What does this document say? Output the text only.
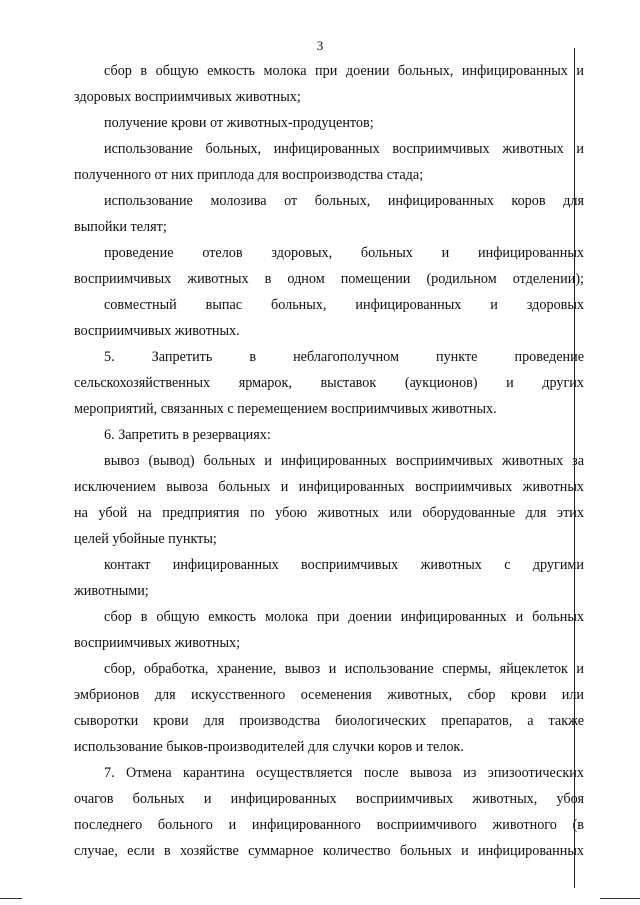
3
сбор в общую емкость молока при доении больных, инфицированных и
здоровых восприимчивых животных;
получение крови от животных-продуцентов;
использование больных, инфицированных восприимчивых животных и
полученного от них приплода для воспроизводства стада;
использование молозива от больных, инфицированных коров для
выпойки телят;
проведение отелов здоровых, больных и инфицированных
восприимчивых животных в одном помещении (родильном отделении);
совместный выпас больных, инфицированных и здоровых
восприимчивых животных.
5. Запретить в неблагополучном пункте проведение
сельскохозяйственных ярмарок, выставок (аукционов) и других
мероприятий, связанных с перемещением восприимчивых животных.
6. Запретить в резервациях:
вывоз (вывод) больных и инфицированных восприимчивых животных за
исключением вывоза больных и инфицированных восприимчивых животных
на убой на предприятия по убою животных или оборудованные для этих
целей убойные пункты;
контакт инфицированных восприимчивых животных с другими
животными;
сбор в общую емкость молока при доении инфицированных и больных
восприимчивых животных;
сбор, обработка, хранение, вывоз и использование спермы, яйцеклеток и
эмбрионов для искусственного осеменения животных, сбор крови или
сыворотки крови для производства биологических препаратов, а также
использование быков-производителей для случки коров и телок.
7. Отмена карантина осуществляется после вывоза из эпизоотических
очагов больных и инфицированных восприимчивых животных, убоя
последнего больного и инфицированного восприимчивого животного (в
случае, если в хозяйстве суммарное количество больных и инфицированных
